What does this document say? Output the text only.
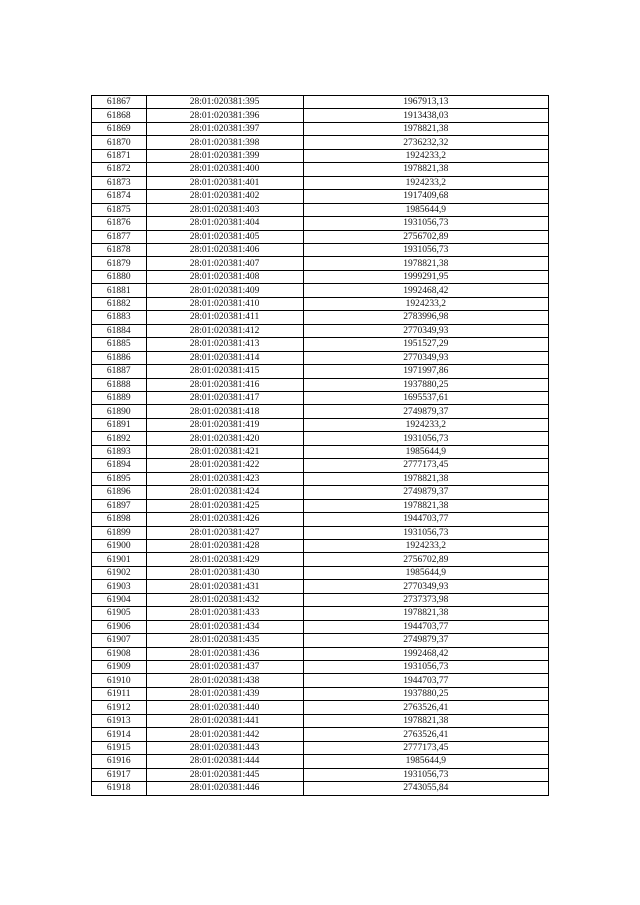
61867	28:01:020381:395	1967913,13
61868	28:01:020381:396	1913438,03
61869	28:01:020381:397	1978821,38
61870	28:01:020381:398	2736232,32
61871	28:01:020381:399	1924233,2
61872	28:01:020381:400	1978821,38
61873	28:01:020381:401	1924233,2
61874	28:01:020381:402	1917409,68
61875	28:01:020381:403	1985644,9
61876	28:01:020381:404	1931056,73
61877	28:01:020381:405	2756702,89
61878	28:01:020381:406	1931056,73
61879	28:01:020381:407	1978821,38
61880	28:01:020381:408	1999291,95
61881	28:01:020381:409	1992468,42
61882	28:01:020381:410	1924233,2
61883	28:01:020381:411	2783996,98
61884	28:01:020381:412	2770349,93
61885	28:01:020381:413	1951527,29
61886	28:01:020381:414	2770349,93
61887	28:01:020381:415	1971997,86
61888	28:01:020381:416	1937880,25
61889	28:01:020381:417	1695537,61
61890	28:01:020381:418	2749879,37
61891	28:01:020381:419	1924233,2
61892	28:01:020381:420	1931056,73
61893	28:01:020381:421	1985644,9
61894	28:01:020381:422	2777173,45
61895	28:01:020381:423	1978821,38
61896	28:01:020381:424	2749879,37
61897	28:01:020381:425	1978821,38
61898	28:01:020381:426	1944703,77
61899	28:01:020381:427	1931056,73
61900	28:01:020381:428	1924233,2
61901	28:01:020381:429	2756702,89
61902	28:01:020381:430	1985644,9
61903	28:01:020381:431	2770349,93
61904	28:01:020381:432	2737373,98
61905	28:01:020381:433	1978821,38
61906	28:01:020381:434	1944703,77
61907	28:01:020381:435	2749879,37
61908	28:01:020381:436	1992468,42
61909	28:01:020381:437	1931056,73
61910	28:01:020381:438	1944703,77
61911	28:01:020381:439	1937880,25
61912	28:01:020381:440	2763526,41
61913	28:01:020381:441	1978821,38
61914	28:01:020381:442	2763526,41
61915	28:01:020381:443	2777173,45
61916	28:01:020381:444	1985644,9
61917	28:01:020381:445	1931056,73
61918	28:01:020381:446	2743055,84
